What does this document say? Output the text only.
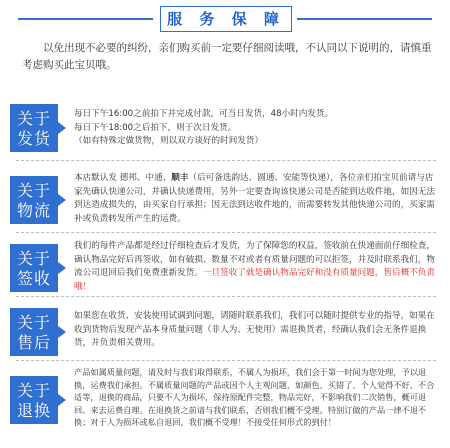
服 务 保 障
以免出现不必要的纠纷，亲们购买前一定要仔细阅读哦，不认同以下说明的，请慎重考虑购买此宝贝哦。
关于
发货
每日下午16:00之前拍下并完成付款，可当日发货，48小时内发货。
每日下午18:00之后拍下，则于次日发货。
（如有特殊定做货物，则以双方谈好的时间发货）
关于
物流
本店默认发 德邦、中通、顺丰（后可备选韵达、圆通、安能等快递），各位亲们拍宝贝前请与店家先确认快递公司，并确认快递费用，另外一定要查询该快递公司是否能到达收件地，如因无法到达造成损失的，由买家自行承担；因无法到达收件地的，而需要转发其他快递公司的，买家需补或负责转发所产生的运费。
关于
签收
我们的每件产品都是经过仔细检查后才发货，为了保障您的权益，签收前在快递面前仔细检查，确认物品完好后再签收，如有破损、数量不对或者有质量问题的可以拒签，并及时联系我们，物流公司退回后我们免费重新发货。一旦签收了就是确认物品完好和没有质量问题，售后概不负责哦！
关于
售后
如果您在收货、安装使用试调到问题，请随时联系我们，我们可以随时提供专业的指导，如果在收到货物后发现产品本身质量问题（非人为、无使用）需退换货者，经确认我们会无条件退换货，并负责相关费用。
关于
退换
产品如属质量问题，请及时与我们取得联系，不属人为损坏，我们会于第一时间为您处理，予以退换，运费我们承担。不属质量问题的产品或因个人主观问题，如颜色、买错了、个人觉得不好、不合适等，退换的商品，只要不人为损坏，保持原配件完整，物品完好，不影响我们二次销售，概可退回。来去运费自理。在退换货之前请与我们联系，否则我们概不受理。特别订做的产品一律不退不换；对于人为损坏或私自退回，我们概不受理！不接受任何形式的到付！
